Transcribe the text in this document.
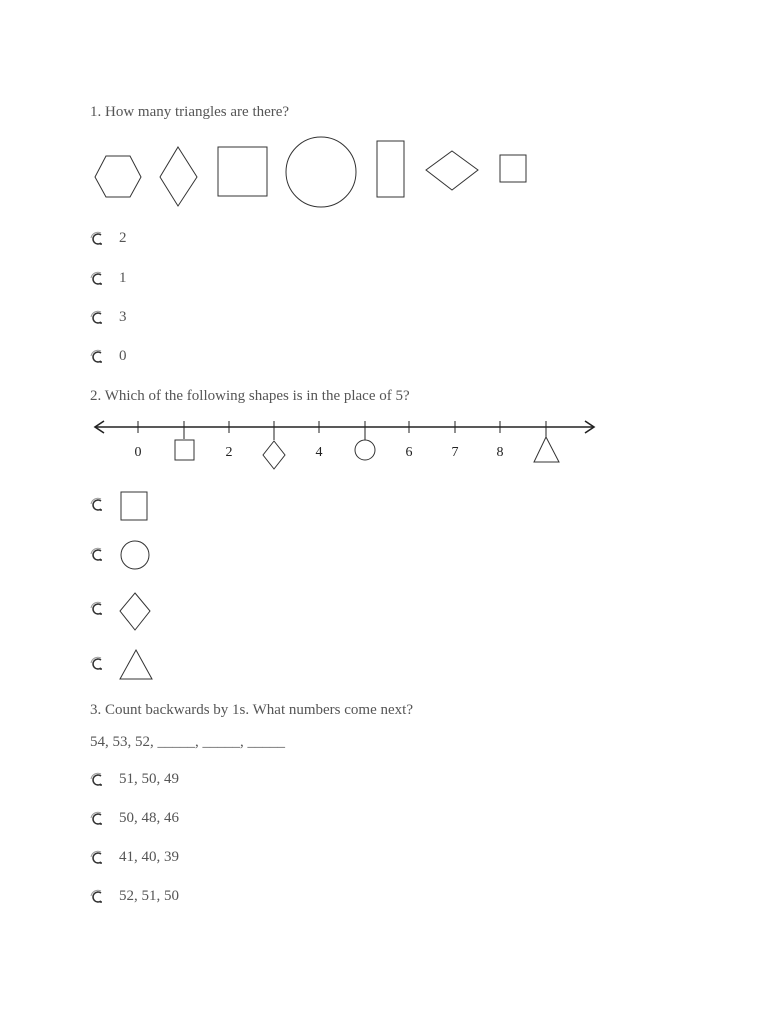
1. How many triangles are there?
2
1
3
0
2. Which of the following shapes is in the place of 5?
0	2	4	6	7	8
3. Count backwards by 1s. What numbers come next?
54, 53, 52, _____, _____, _____
51, 50, 49
50, 48, 46
41, 40, 39
52, 51, 50
